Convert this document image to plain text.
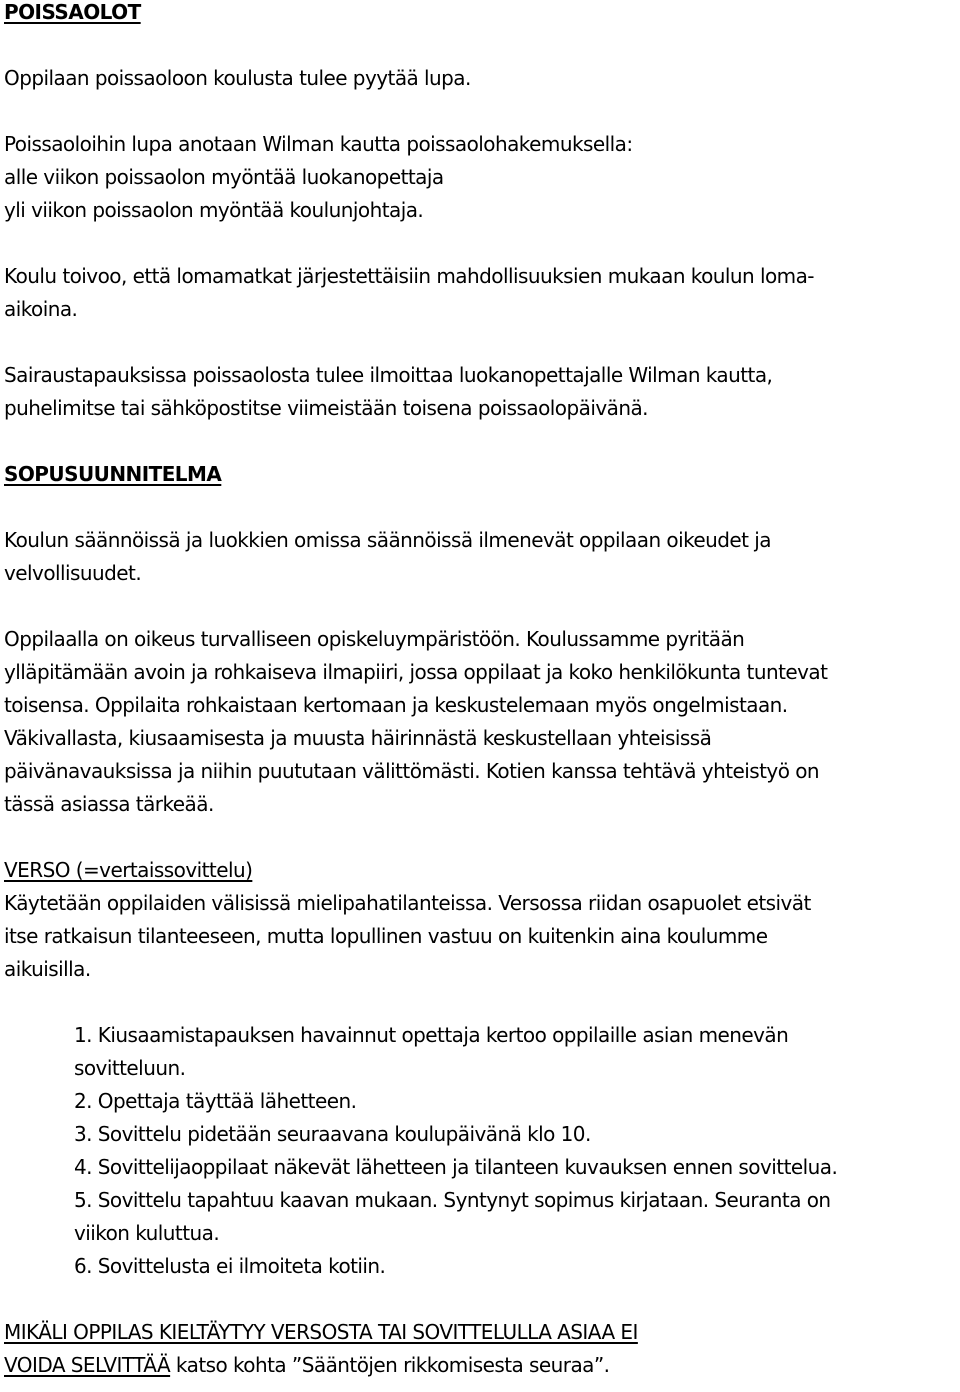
POISSAOLOT
Oppilaan poissaoloon koulusta tulee pyytää lupa.
Poissaoloihin lupa anotaan Wilman kautta poissaolohakemuksella:
alle viikon poissaolon myöntää luokanopettaja
yli viikon poissaolon myöntää koulunjohtaja.
Koulu toivoo, että lomamatkat järjestettäisiin mahdollisuuksien mukaan koulun loma-
aikoina.
Sairaustapauksissa poissaolosta tulee ilmoittaa luokanopettajalle Wilman kautta,
puhelimitse tai sähköpostitse viimeistään toisena poissaolopäivänä.
SOPUSUUNNITELMA
Koulun säännöissä ja luokkien omissa säännöissä ilmenevät oppilaan oikeudet ja
velvollisuudet.
Oppilaalla on oikeus turvalliseen opiskeluympäristöön. Koulussamme pyritään
ylläpitämään avoin ja rohkaiseva ilmapiiri, jossa oppilaat ja koko henkilökunta tuntevat
toisensa. Oppilaita rohkaistaan kertomaan ja keskustelemaan myös ongelmistaan.
Väkivallasta, kiusaamisesta ja muusta häirinnästä keskustellaan yhteisissä
päivänavauksissa ja niihin puututaan välittömästi. Kotien kanssa tehtävä yhteistyö on
tässä asiassa tärkeää.
VERSO (=vertaissovittelu)
Käytetään oppilaiden välisissä mielipahatilanteissa. Versossa riidan osapuolet etsivät
itse ratkaisun tilanteeseen, mutta lopullinen vastuu on kuitenkin aina koulumme
aikuisilla.
1. Kiusaamistapauksen havainnut opettaja kertoo oppilaille asian menevän
sovitteluun.
2. Opettaja täyttää lähetteen.
3. Sovittelu pidetään seuraavana koulupäivänä klo 10.
4. Sovittelijaoppilaat näkevät lähetteen ja tilanteen kuvauksen ennen sovittelua.
5. Sovittelu tapahtuu kaavan mukaan. Syntynyt sopimus kirjataan. Seuranta on
viikon kuluttua.
6. Sovittelusta ei ilmoiteta kotiin.
MIKÄLI OPPILAS KIELTÄYTYY VERSOSTA TAI SOVITTELULLA ASIAA EI
VOIDA SELVITTÄÄ katso kohta ”Sääntöjen rikkomisesta seuraa”.
